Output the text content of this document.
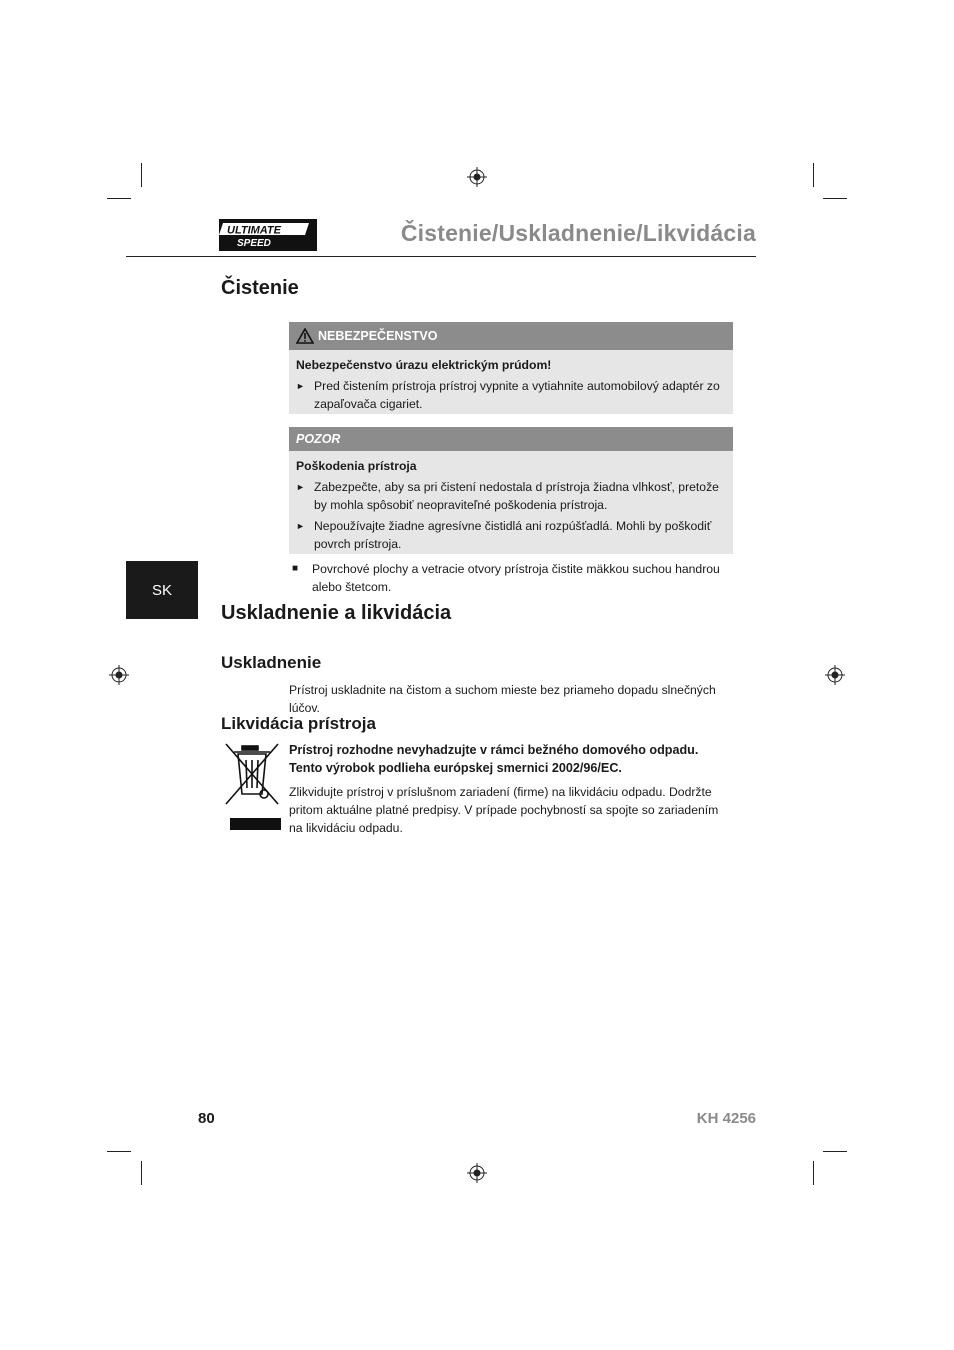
ULTIMATE
SPEED	Čistenie/Uskladnenie/Likvidácia
Čistenie
NEBEZPEČENSTVO
Nebezpečenstvo úrazu elektrickým prúdom!
► Pred čistením prístroja prístroj vypnite a vytiahnite automobilový adaptér zo zapaľovača cigariet.
POZOR
Poškodenia prístroja
► Zabezpečte, aby sa pri čistení nedostala d prístroja žiadna vlhkosť, pretože by mohla spôsobiť neopraviteľné poškodenia prístroja.
► Nepoužívajte žiadne agresívne čistidlá ani rozpúšťadlá. Mohli by poškodiť povrch prístroja.
■	Povrchové plochy a vetracie otvory prístroja čistite mäkkou suchou handrou alebo štetcom.
SK
Uskladnenie a likvidácia
Uskladnenie
Prístroj uskladnite na čistom a suchom mieste bez priameho dopadu slnečných lúčov.
Likvidácia prístroja
Prístroj rozhodne nevyhadzujte v rámci bežného domového odpadu. Tento výrobok podlieha európskej smernici 2002/96/EC.
Zlikvidujte prístroj v príslušnom zariadení (firme) na likvidáciu odpadu. Dodržte pritom aktuálne platné predpisy. V prípade pochybností sa spojte so zariadením na likvidáciu odpadu.
80	KH 4256
